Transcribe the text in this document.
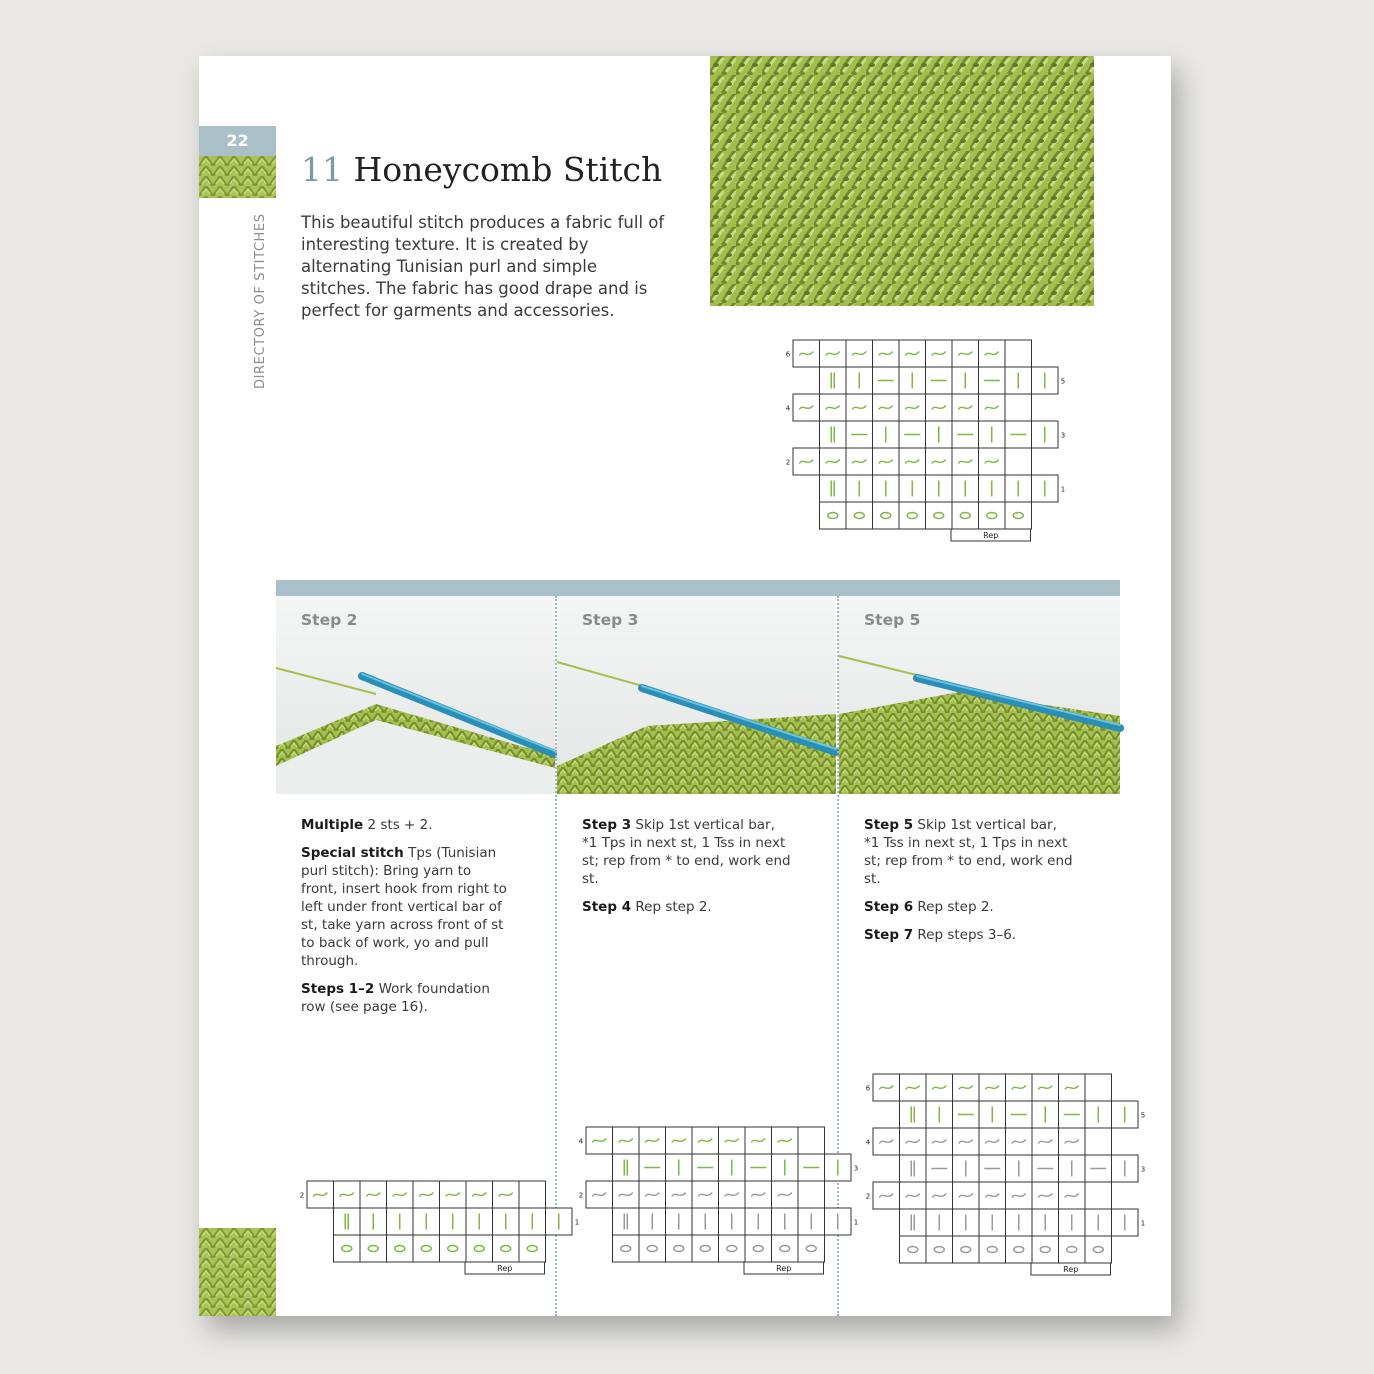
22
DIRECTORY OF STITCHES
11 Honeycomb Stitch
This beautiful stitch produces a fabric full of interesting texture. It is created by alternating Tunisian purl and simple stitches. The fabric has good drape and is perfect for garments and accessories.
6
5
4
3
2
1
Rep
Step 2	Step 3	Step 5

Multiple 2 sts + 2.

Special stitch Tps (Tunisian purl stitch): Bring yarn to front, insert hook from right to left under front vertical bar of st, take yarn across front of st to back of work, yo and pull through.

Steps 1–2 Work foundation row (see page 16).

Step 3 Skip 1st vertical bar, *1 Tps in next st, 1 Tss in next st; rep from * to end, work end st.

Step 4 Rep step 2.

Step 5 Skip 1st vertical bar, *1 Tss in next st, 1 Tps in next st; rep from * to end, work end st.

Step 6 Rep step 2.

Step 7 Rep steps 3–6.

2
1
Rep
4
3
2
1
Rep
6
5
4
3
2
1
Rep
